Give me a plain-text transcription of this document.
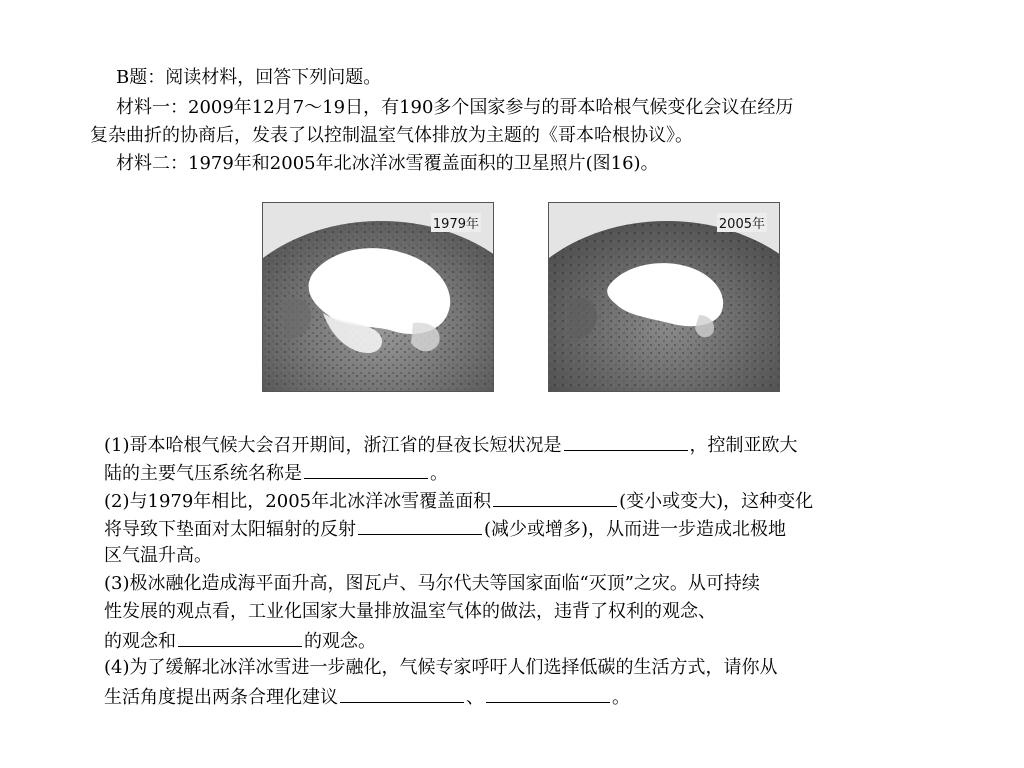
B题：阅读材料，回答下列问题。
材料一：2009年12月7～19日，有190多个国家参与的哥本哈根气候变化会议在经历
复杂曲折的协商后，发表了以控制温室气体排放为主题的《哥本哈根协议》。
材料二：1979年和2005年北冰洋冰雪覆盖面积的卫星照片(图16)。
1979年	2005年
(1)哥本哈根气候大会召开期间，浙江省的昼夜长短状况是	，控制亚欧大
陆的主要气压系统名称是	。
(2)与1979年相比，2005年北冰洋冰雪覆盖面积	(变小或变大)，这种变化
将导致下垫面对太阳辐射的反射	(减少或增多)，从而进一步造成北极地
区气温升高。
(3)极冰融化造成海平面升高，图瓦卢、马尔代夫等国家面临“灭顶”之灾。从可持续
性发展的观点看，工业化国家大量排放温室气体的做法，违背了权利的观念、
的观念和	的观念。
(4)为了缓解北冰洋冰雪进一步融化，气候专家呼吁人们选择低碳的生活方式，请你从
生活角度提出两条合理化建议	、	。
